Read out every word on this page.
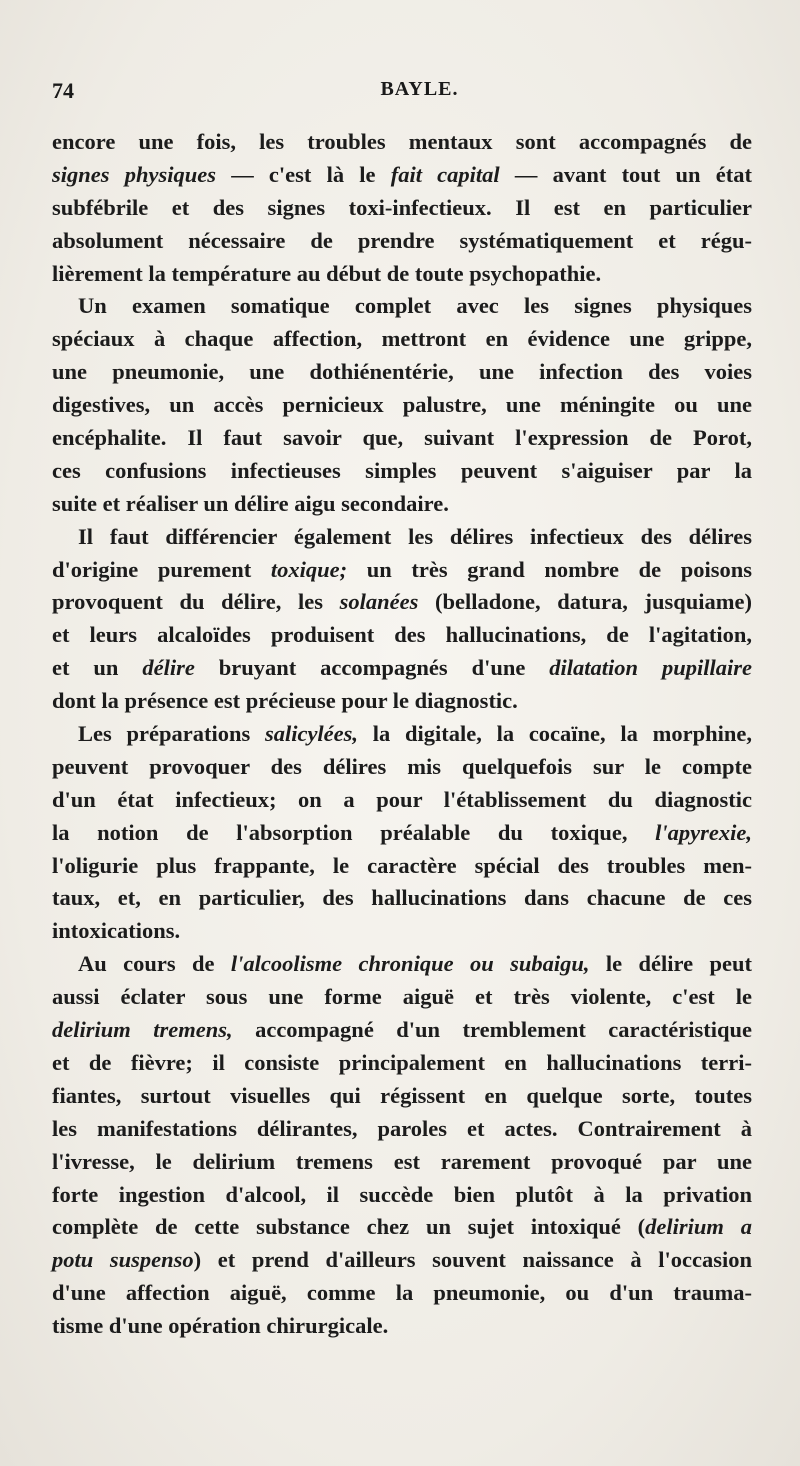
74	BAYLE.
encore une fois, les troubles mentaux sont accompagnés de
signes physiques — c'est là le fait capital — avant tout un état
subfébrile et des signes toxi-infectieux. Il est en particulier
absolument nécessaire de prendre systématiquement et régu-
lièrement la température au début de toute psychopathie.
Un examen somatique complet avec les signes physiques
spéciaux à chaque affection, mettront en évidence une grippe,
une pneumonie, une dothiénentérie, une infection des voies
digestives, un accès pernicieux palustre, une méningite ou une
encéphalite. Il faut savoir que, suivant l'expression de Porot,
ces confusions infectieuses simples peuvent s'aiguiser par la
suite et réaliser un délire aigu secondaire.
Il faut différencier également les délires infectieux des délires
d'origine purement toxique; un très grand nombre de poisons
provoquent du délire, les solanées (belladone, datura, jusquiame)
et leurs alcaloïdes produisent des hallucinations, de l'agitation,
et un délire bruyant accompagnés d'une dilatation pupillaire
dont la présence est précieuse pour le diagnostic.
Les préparations salicylées, la digitale, la cocaïne, la morphine,
peuvent provoquer des délires mis quelquefois sur le compte
d'un état infectieux; on a pour l'établissement du diagnostic
la notion de l'absorption préalable du toxique, l'apyrexie,
l'oligurie plus frappante, le caractère spécial des troubles men-
taux, et, en particulier, des hallucinations dans chacune de ces
intoxications.
Au cours de l'alcoolisme chronique ou subaigu, le délire peut
aussi éclater sous une forme aiguë et très violente, c'est le
delirium tremens, accompagné d'un tremblement caractéristique
et de fièvre; il consiste principalement en hallucinations terri-
fiantes, surtout visuelles qui régissent en quelque sorte, toutes
les manifestations délirantes, paroles et actes. Contrairement à
l'ivresse, le delirium tremens est rarement provoqué par une
forte ingestion d'alcool, il succède bien plutôt à la privation
complète de cette substance chez un sujet intoxiqué (delirium a
potu suspenso) et prend d'ailleurs souvent naissance à l'occasion
d'une affection aiguë, comme la pneumonie, ou d'un trauma-
tisme d'une opération chirurgicale.
